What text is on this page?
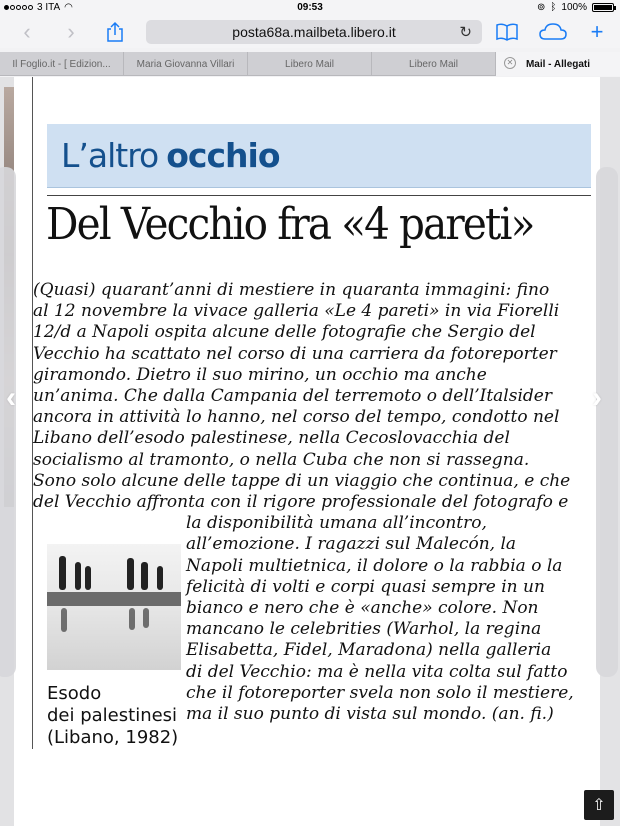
3 ITA ◠	09:53	⊚ ᛒ 100%
‹	›	posta68a.mailbeta.libero.it	↻	+
Il Foglio.it - [ Edizion...	Maria Giovanna Villari	Libero Mail	Libero Mail	✕ Mail - Allegati
L’altro occhio
Del Vecchio fra «4 pareti»
(Quasi) quarant’anni di mestiere in quaranta immagini: fino
al 12 novembre la vivace galleria «Le 4 pareti» in via Fiorelli
12/d a Napoli ospita alcune delle fotografie che Sergio del
Vecchio ha scattato nel corso di una carriera da fotoreporter
giramondo. Dietro il suo mirino, un occhio ma anche
un’anima. Che dalla Campania del terremoto o dell’Italsider
ancora in attività lo hanno, nel corso del tempo, condotto nel
Libano dell’esodo palestinese, nella Cecoslovacchia del
socialismo al tramonto, o nella Cuba che non si rassegna.
Sono solo alcune delle tappe di un viaggio che continua, e che
del Vecchio affronta con il rigore professionale del fotografo e
la disponibilità umana all’incontro,
all’emozione. I ragazzi sul Malecón, la
Napoli multietnica, il dolore o la rabbia o la
felicità di volti e corpi quasi sempre in un
bianco e nero che è «anche» colore. Non
mancano le celebrities (Warhol, la regina
Elisabetta, Fidel, Maradona) nella galleria
di del Vecchio: ma è nella vita colta sul fatto
che il fotoreporter svela non solo il mestiere,
ma il suo punto di vista sul mondo. (an. fi.)
Esodo
dei palestinesi
(Libano, 1982)
‹	›
⇧
